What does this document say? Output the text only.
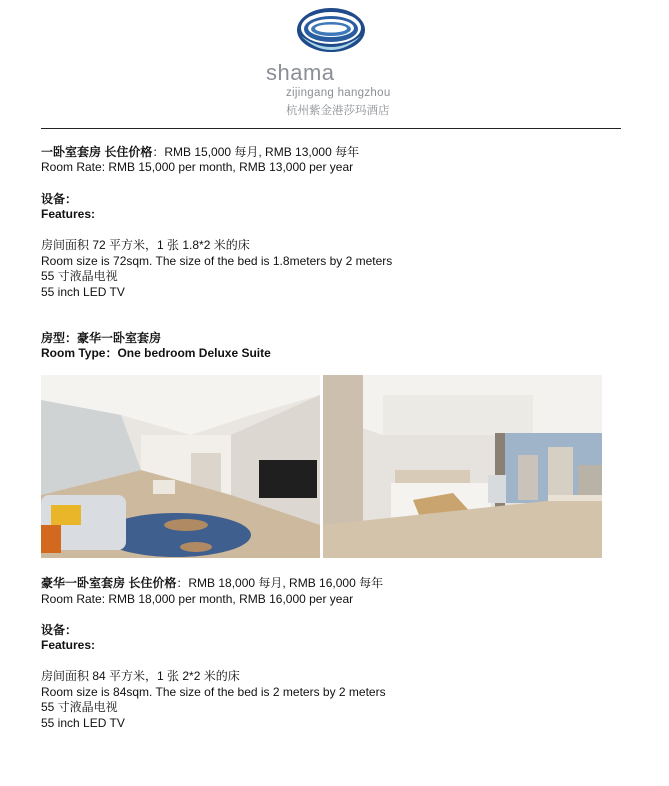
shama
zijingang hangzhou
杭州紫金港莎玛酒店
一卧室套房 长住价格：RMB 15,000 每月, RMB 13,000 每年
Room Rate: RMB 15,000 per month, RMB 13,000 per year
设备：
Features:
房间面积 72 平方米，1 张 1.8*2 米的床
Room size is 72sqm. The size of the bed is 1.8meters by 2 meters
55 寸液晶电视
55 inch LED TV
房型：豪华一卧室套房
Room Type：One bedroom Deluxe Suite
豪华一卧室套房 长住价格：RMB 18,000 每月, RMB 16,000 每年
Room Rate: RMB 18,000 per month, RMB 16,000 per year
设备：
Features:
房间面积 84 平方米，1 张 2*2 米的床
Room size is 84sqm. The size of the bed is 2 meters by 2 meters
55 寸液晶电视
55 inch LED TV
